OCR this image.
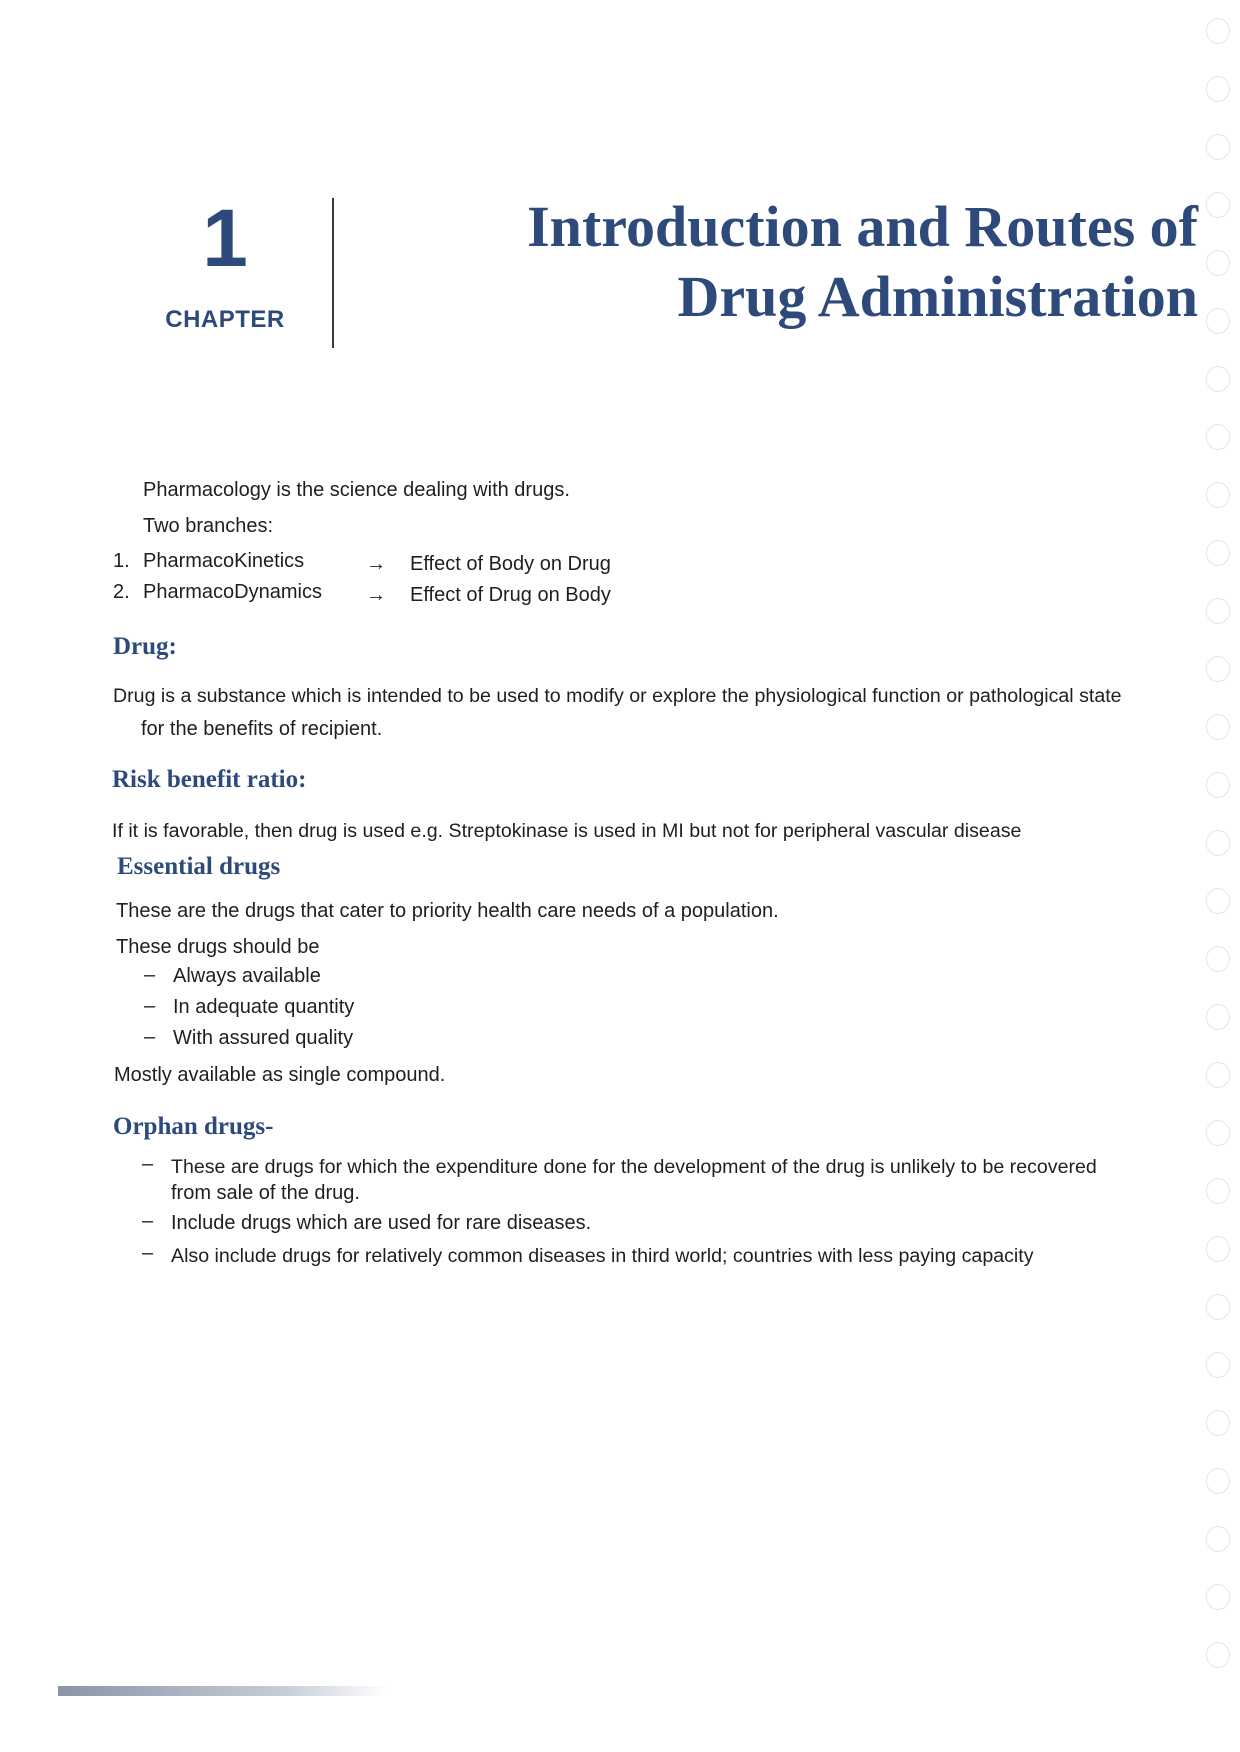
1
CHAPTER
Introduction and Routes of
Drug Administration
Pharmacology is the science dealing with drugs.
Two branches:
1. PharmacoKinetics	→ Effect of Body on Drug
2. PharmacoDynamics → Effect of Drug on Body
Drug:
Drug is a substance which is intended to be used to modify or explore the physiological function or pathological state
for the benefits of recipient.
Risk benefit ratio:
If it is favorable, then drug is used e.g. Streptokinase is used in MI but not for peripheral vascular disease
Essential drugs
These are the drugs that cater to priority health care needs of a population.
These drugs should be
– Always available
– In adequate quantity
– With assured quality
Mostly available as single compound.
Orphan drugs-
– These are drugs for which the expenditure done for the development of the drug is unlikely to be recovered
from sale of the drug.
– Include drugs which are used for rare diseases.
– Also include drugs for relatively common diseases in third world; countries with less paying capacity
